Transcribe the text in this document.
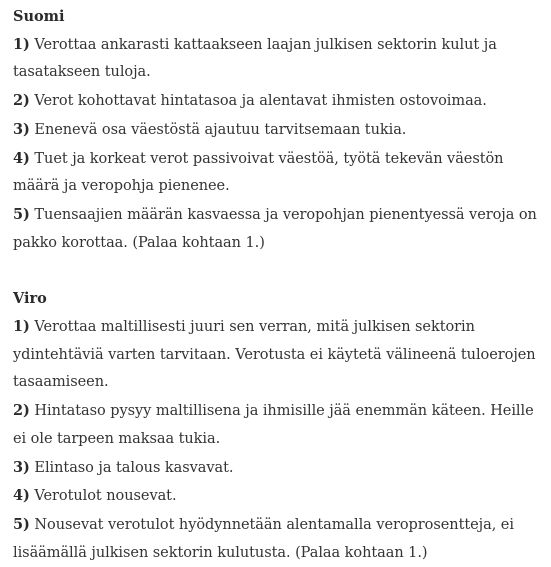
Suomi

1) Verottaa ankarasti kattaakseen laajan julkisen sektorin kulut ja tasatakseen tuloja.

2) Verot kohottavat hintatasoa ja alentavat ihmisten ostovoimaa.

3) Enenevä osa väestöstä ajautuu tarvitsemaan tukia.

4) Tuet ja korkeat verot passivoivat väestöä, työtä tekevän väestön määrä ja veropohja pienenee.

5) Tuensaajien määrän kasvaessa ja veropohjan pienentyessä veroja on pakko korottaa. (Palaa kohtaan 1.)

Viro

1) Verottaa maltillisesti juuri sen verran, mitä julkisen sektorin ydintehtäviä varten tarvitaan. Verotusta ei käytetä välineenä tuloerojen tasaamiseen.

2) Hintataso pysyy maltillisena ja ihmisille jää enemmän käteen. Heille ei ole tarpeen maksaa tukia.

3) Elintaso ja talous kasvavat.

4) Verotulot nousevat.

5) Nousevat verotulot hyödynnetään alentamalla veroprosentteja, ei lisäämällä julkisen sektorin kulutusta. (Palaa kohtaan 1.)
